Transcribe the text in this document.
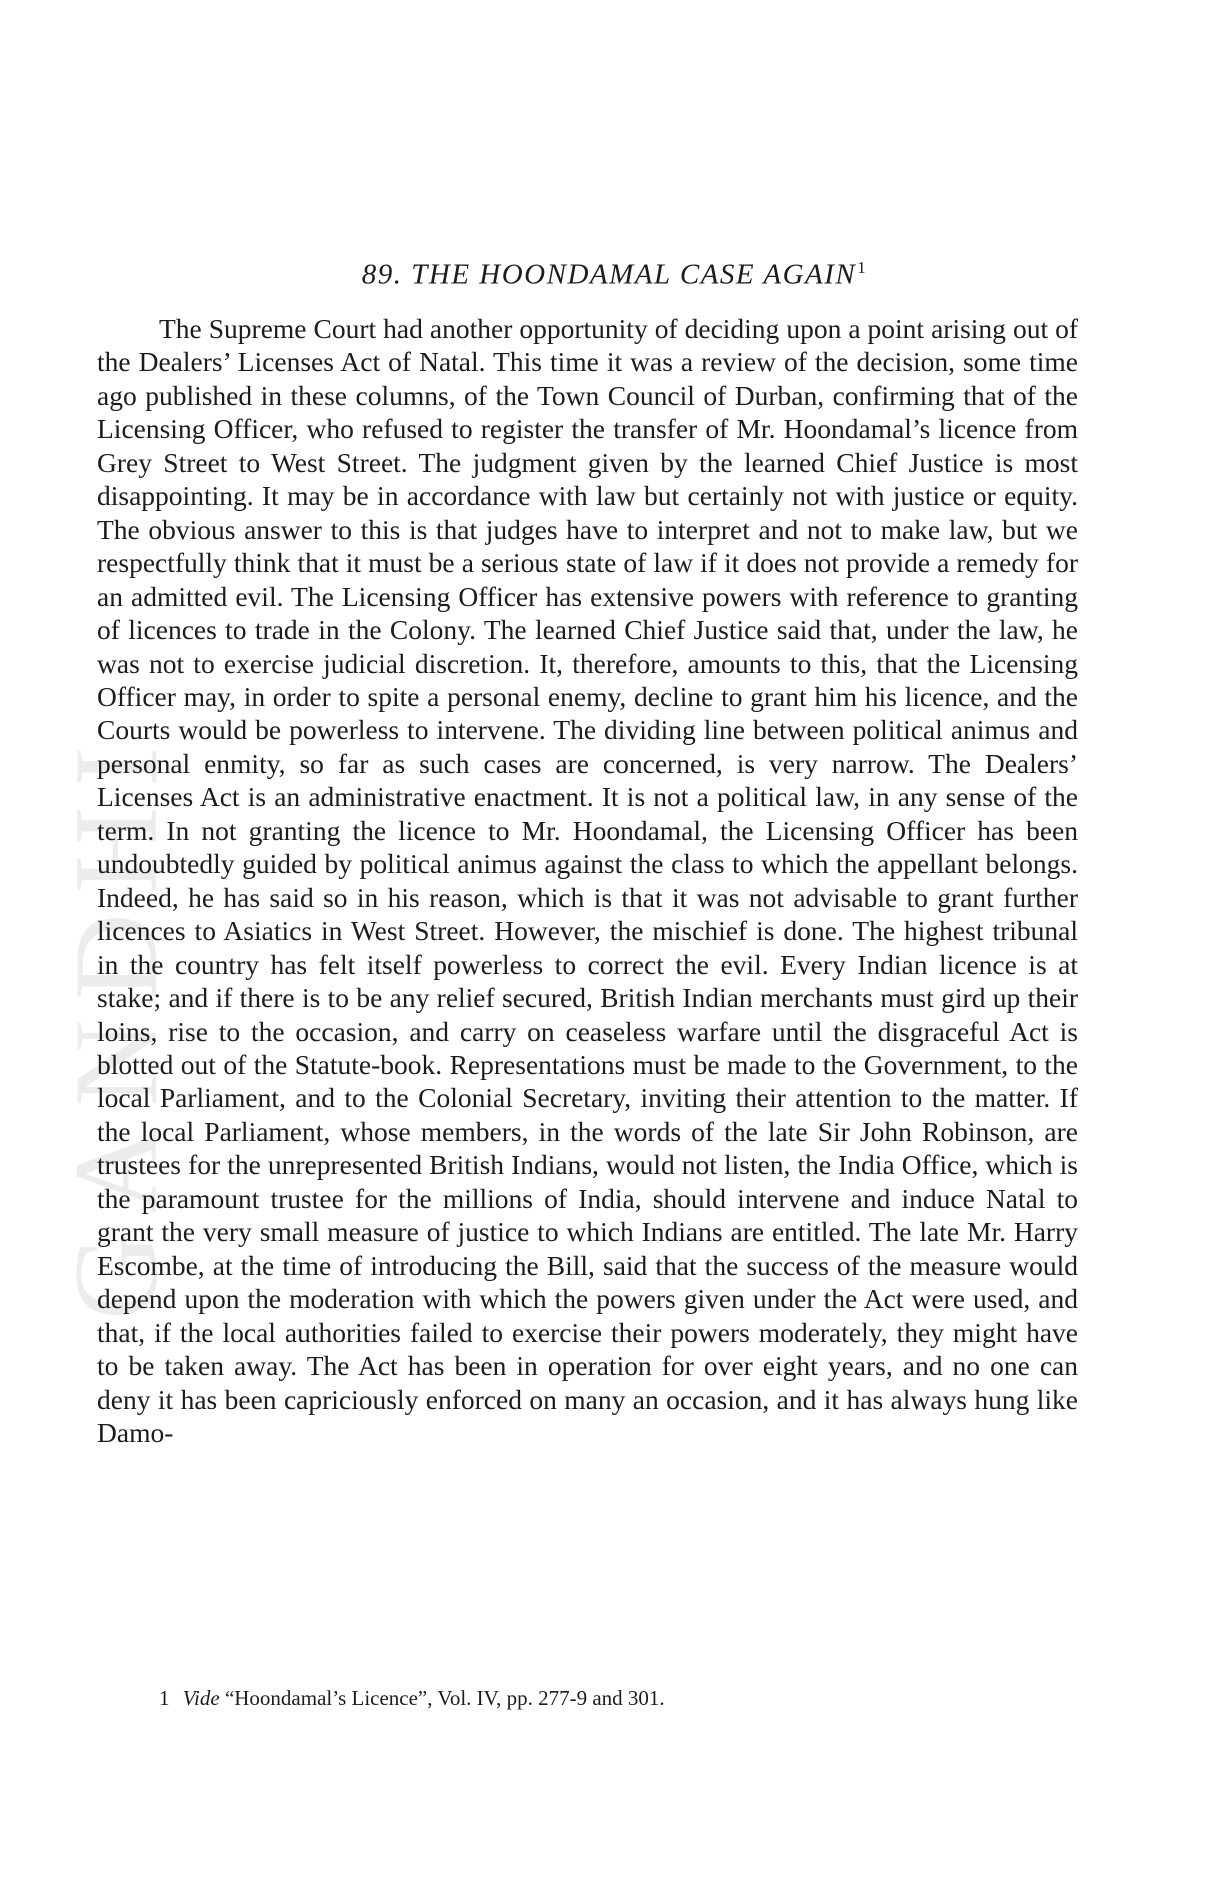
GANDHI
89. THE HOONDAMAL CASE AGAIN$^1$

The Supreme Court had another opportunity of deciding upon a point arising out of the Dealers’ Licenses Act of Natal. This time it was a review of the decision, some time ago published in these columns, of the Town Council of Durban, confirming that of the Licensing Officer, who refused to register the transfer of Mr. Hoondamal’s licence from Grey Street to West Street. The judgment given by the learned Chief Justice is most disappointing. It may be in accordance with law but certainly not with justice or equity. The obvious answer to this is that judges have to interpret and not to make law, but we respectfully think that it must be a serious state of law if it does not provide a remedy for an admitted evil. The Licensing Officer has extensive powers with reference to granting of licences to trade in the Colony. The learned Chief Justice said that, under the law, he was not to exercise judicial discretion. It, therefore, amounts to this, that the Licensing Officer may, in order to spite a personal enemy, decline to grant him his licence, and the Courts would be powerless to intervene. The dividing line between political animus and personal enmity, so far as such cases are concerned, is very narrow. The Dealers’ Licenses Act is an administrative enactment. It is not a political law, in any sense of the term. In not granting the licence to Mr. Hoondamal, the Licensing Officer has been undoubtedly guided by political animus against the class to which the appellant belongs. Indeed, he has said so in his reason, which is that it was not advisable to grant further licences to Asiatics in West Street. However, the mischief is done. The highest tribunal in the country has felt itself powerless to correct the evil. Every Indian licence is at stake; and if there is to be any relief secured, British Indian merchants must gird up their loins, rise to the occasion, and carry on ceaseless warfare until the disgraceful Act is blotted out of the Statute-book. Representations must be made to the Government, to the local Parliament, and to the Colonial Secretary, inviting their attention to the matter. If the local Parliament, whose members, in the words of the late Sir John Robinson, are trustees for the unrepresented British Indians, would not listen, the India Office, which is the paramount trustee for the millions of India, should intervene and induce Natal to grant the very small measure of justice to which Indians are entitled. The late Mr. Harry Escombe, at the time of introducing the Bill, said that the success of the measure would depend upon the moderation with which the powers given under the Act were used, and that, if the local authorities failed to exercise their powers moderately, they might have to be taken away. The Act has been in operation for over eight years, and no one can deny it has been capriciously enforced on many an occasion, and it has always hung like Damo-

1 Vide “Hoondamal’s Licence”, Vol. IV, pp. 277-9 and 301.
